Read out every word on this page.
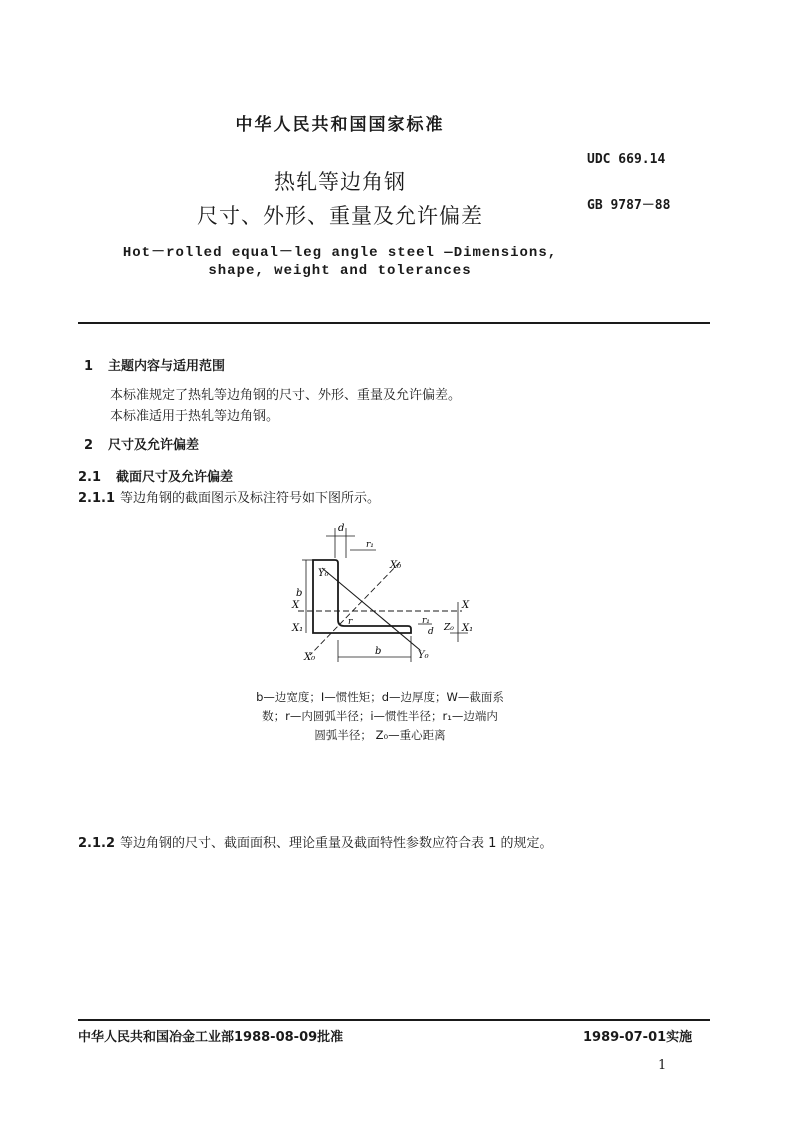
中华人民共和国国家标准
热轧等边角钢
尺寸、外形、重量及允许偏差
UDC 669.14
GB 9787－88
Hot－rolled equal－leg angle steel —Dimensions,
shape, weight and tolerances
1 主题内容与适用范围
本标准规定了热轧等边角钢的尺寸、外形、重量及允许偏差。
本标准适用于热轧等边角钢。
2 尺寸及允许偏差
2.1 截面尺寸及允许偏差
2.1.1 等边角钢的截面图示及标注符号如下图所示。
d
r₁
b
Y₀
X₀
X
X₁
r	r₁
d Z₀
X
X₁
b
X₀	Y₀
b—边宽度；I—惯性矩；d—边厚度；W—截面系
数；r—内圆弧半径；i—惯性半径；r₁—边端内
圆弧半径； Z₀—重心距离
2.1.2 等边角钢的尺寸、截面面积、理论重量及截面特性参数应符合表 1 的规定。
中华人民共和国冶金工业部1988-08-09批准	1989-07-01实施
1
